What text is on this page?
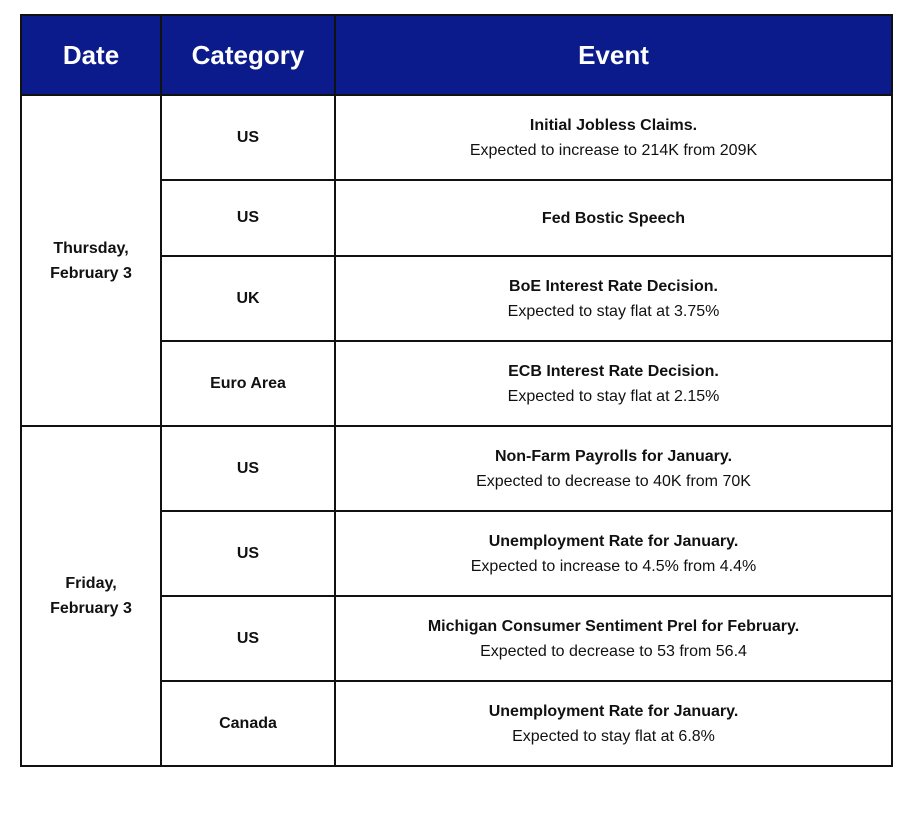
Date	Category	Event
Thursday,
February 3	US	Initial Jobless Claims.
Expected to increase to 214K from 209K

	US	Fed Bostic Speech

	UK	BoE Interest Rate Decision.
Expected to stay flat at 3.75%

	Euro Area	ECB Interest Rate Decision.
Expected to stay flat at 2.15%

Friday,
February 3	US	Non-Farm Payrolls for January.
Expected to decrease to 40K from 70K

	US	Unemployment Rate for January.
Expected to increase to 4.5% from 4.4%

	US	Michigan Consumer Sentiment Prel for February.
Expected to decrease to 53 from 56.4

	Canada	Unemployment Rate for January.
Expected to stay flat at 6.8%
